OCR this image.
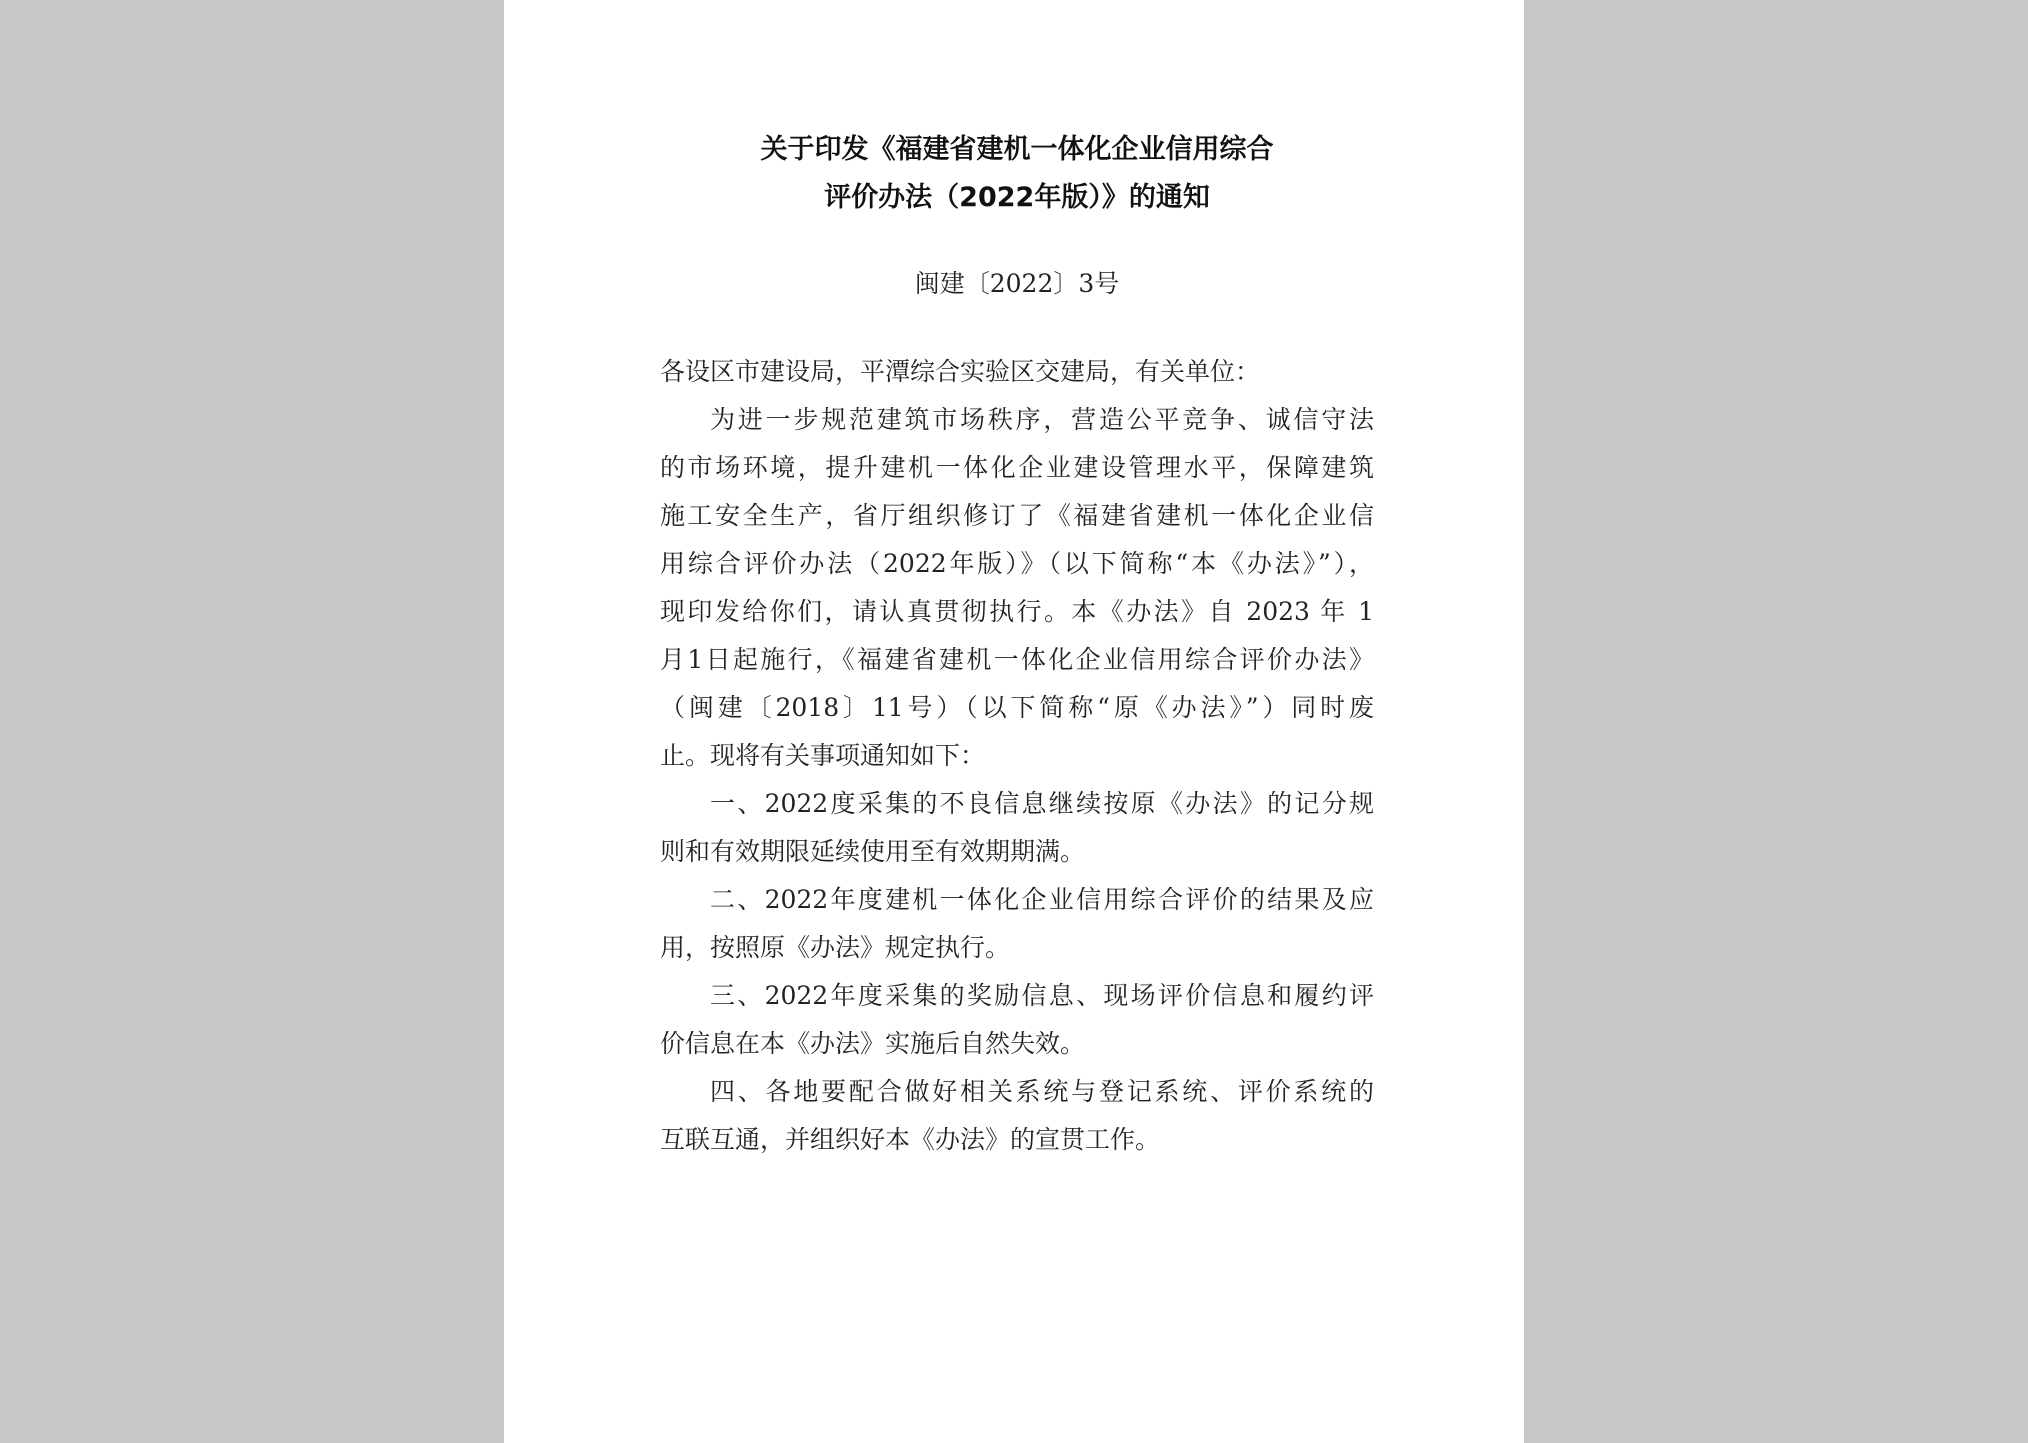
关于印发《福建省建机一体化企业信用综合
评价办法（2022年版）》的通知
闽建〔2022〕3号
各设区市建设局，平潭综合实验区交建局，有关单位：
为进一步规范建筑市场秩序，营造公平竞争、诚信守法
的市场环境，提升建机一体化企业建设管理水平，保障建筑
施工安全生产，省厅组织修订了《福建省建机一体化企业信
用综合评价办法（2022年版）》（以下简称“本《办法》”），
现印发给你们，请认真贯彻执行。本《办法》自 2023 年 1
月1日起施行，《福建省建机一体化企业信用综合评价办法》
（闽建〔2018〕11号）（以下简称“原《办法》”）同时废
止。现将有关事项通知如下：
一、2022度采集的不良信息继续按原《办法》的记分规
则和有效期限延续使用至有效期期满。
二、2022年度建机一体化企业信用综合评价的结果及应
用，按照原《办法》规定执行。
三、2022年度采集的奖励信息、现场评价信息和履约评
价信息在本《办法》实施后自然失效。
四、各地要配合做好相关系统与登记系统、评价系统的
互联互通，并组织好本《办法》的宣贯工作。
